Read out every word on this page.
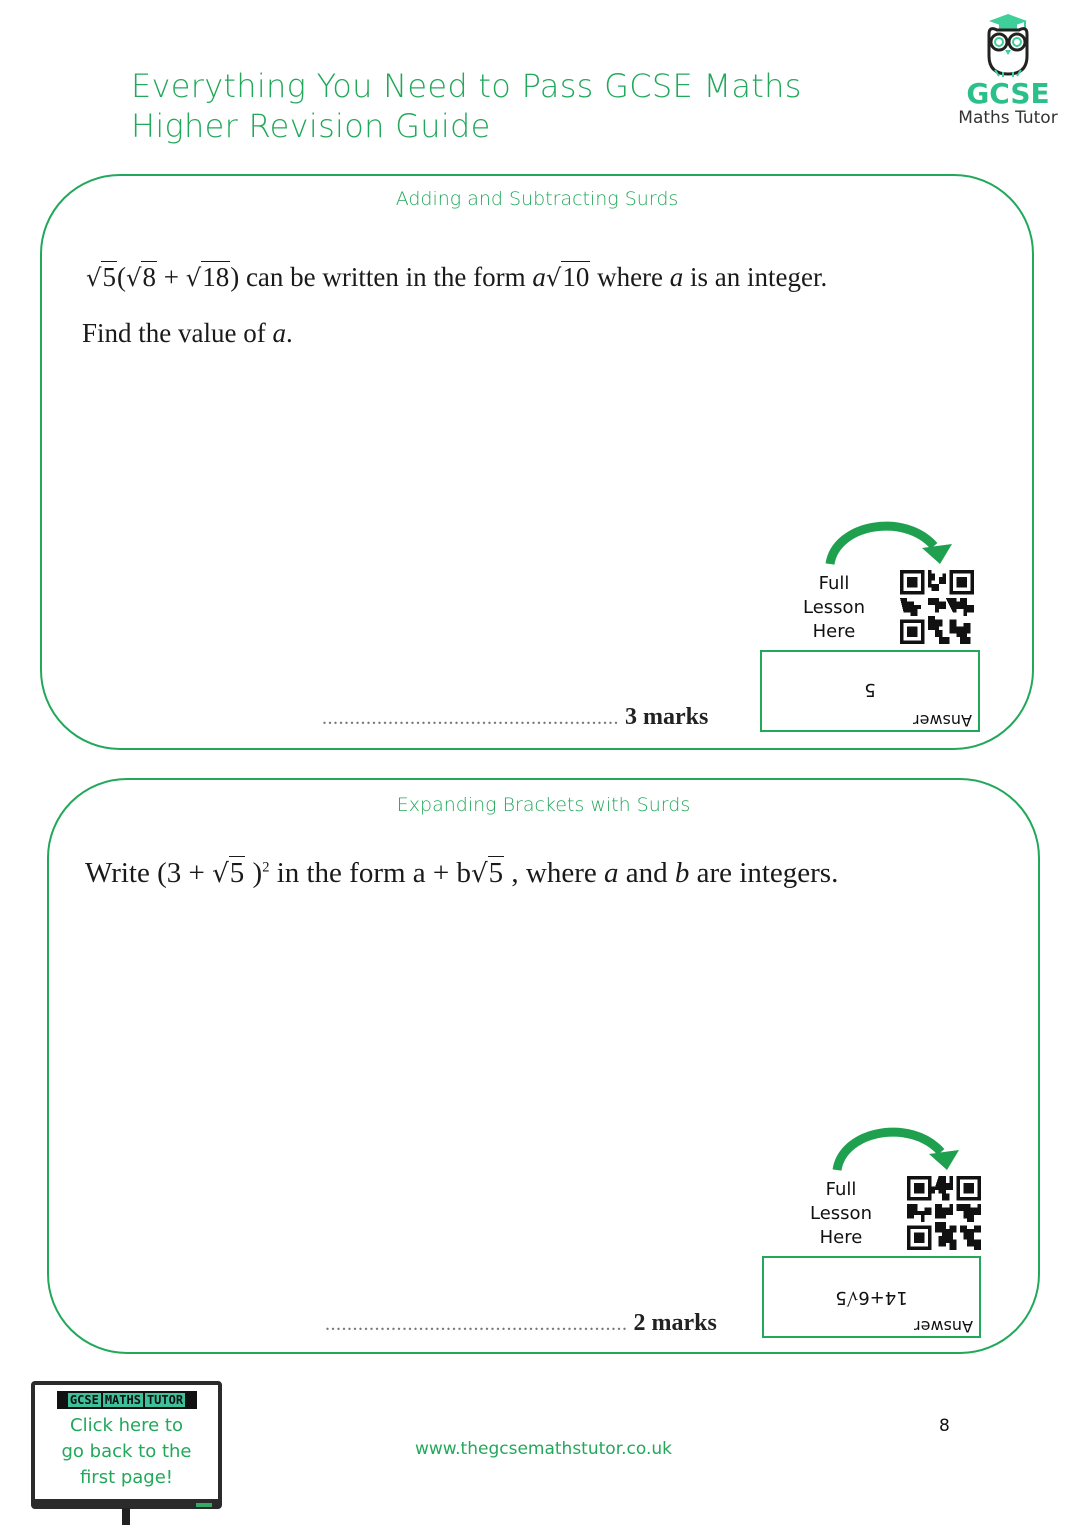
Everything You Need to Pass GCSE Maths
Higher Revision Guide
GCSE
Maths Tutor
Adding and Subtracting Surds
√5(√8 + √18) can be written in the form a√10 where a is an integer.
Find the value of a.
Full
Lesson
Here
...................................................... 3 marks	Answer
5
Expanding Brackets with Surds
Write (3 + √5 )$^2$ in the form a + b√5 , where a and b are integers.
Full
Lesson
Here
....................................................... 2 marks	Answer
14+6√5
GCSE MATHS TUTOR
Click here to
go back to the
first page!
www.thegcsemathstutor.co.uk
8
